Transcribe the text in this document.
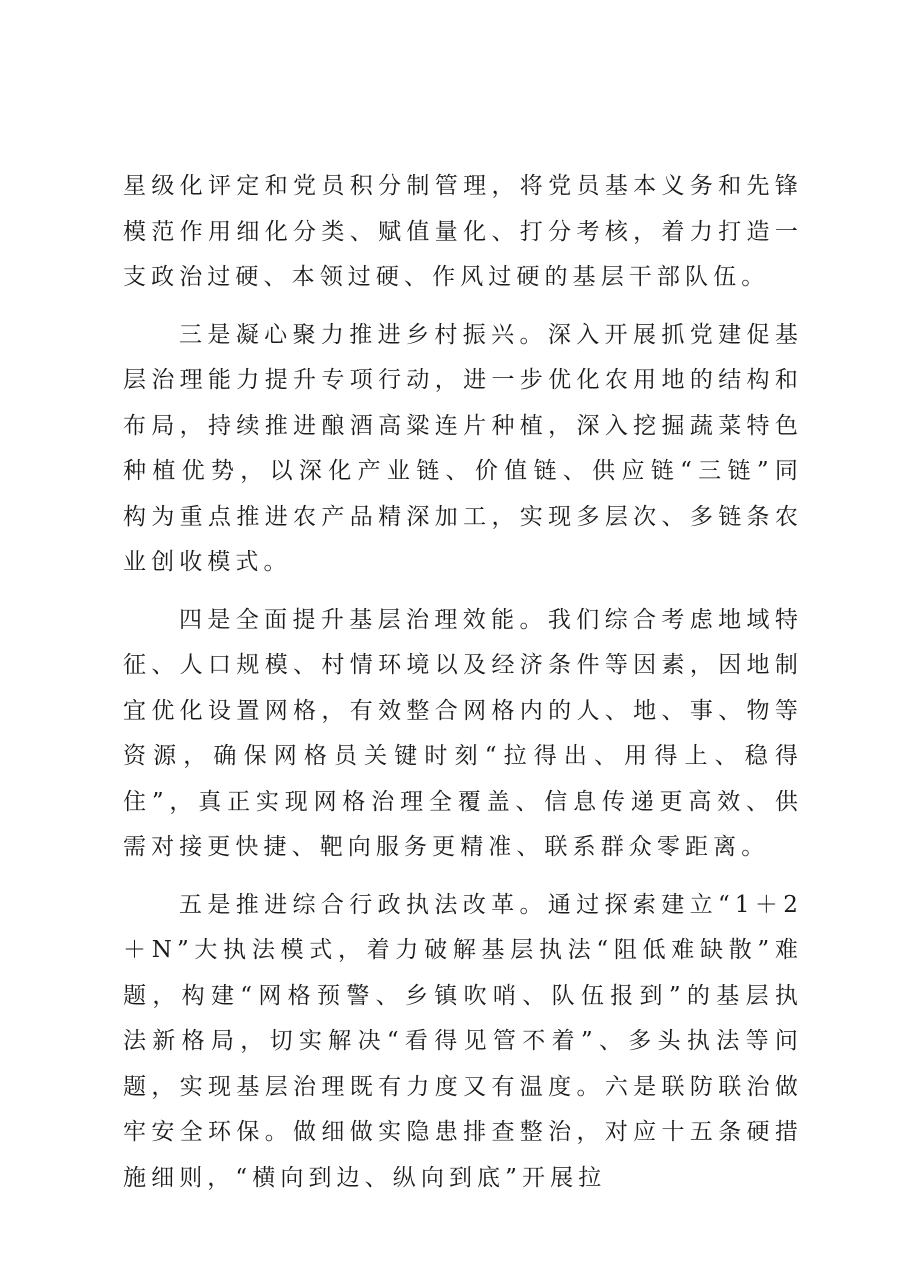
星级化评定和党员积分制管理，将党员基本义务和先锋模范作用细化分类、赋值量化、打分考核，着力打造一支政治过硬、本领过硬、作风过硬的基层干部队伍。

三是凝心聚力推进乡村振兴。深入开展抓党建促基层治理能力提升专项行动，进一步优化农用地的结构和布局，持续推进酿酒高粱连片种植，深入挖掘蔬菜特色种植优势，以深化产业链、价值链、供应链“三链”同构为重点推进农产品精深加工，实现多层次、多链条农业创收模式。

四是全面提升基层治理效能。我们综合考虑地域特征、人口规模、村情环境以及经济条件等因素，因地制宜优化设置网格，有效整合网格内的人、地、事、物等资源，确保网格员关键时刻“拉得出、用得上、稳得住”，真正实现网格治理全覆盖、信息传递更高效、供需对接更快捷、靶向服务更精准、联系群众零距离。

五是推进综合行政执法改革。通过探索建立“1＋2＋N”大执法模式，着力破解基层执法“阻低难缺散”难题，构建“网格预警、乡镇吹哨、队伍报到”的基层执法新格局，切实解决“看得见管不着”、多头执法等问题，实现基层治理既有力度又有温度。六是联防联治做牢安全环保。做细做实隐患排查整治，对应十五条硬措施细则，“横向到边、纵向到底”开展拉
